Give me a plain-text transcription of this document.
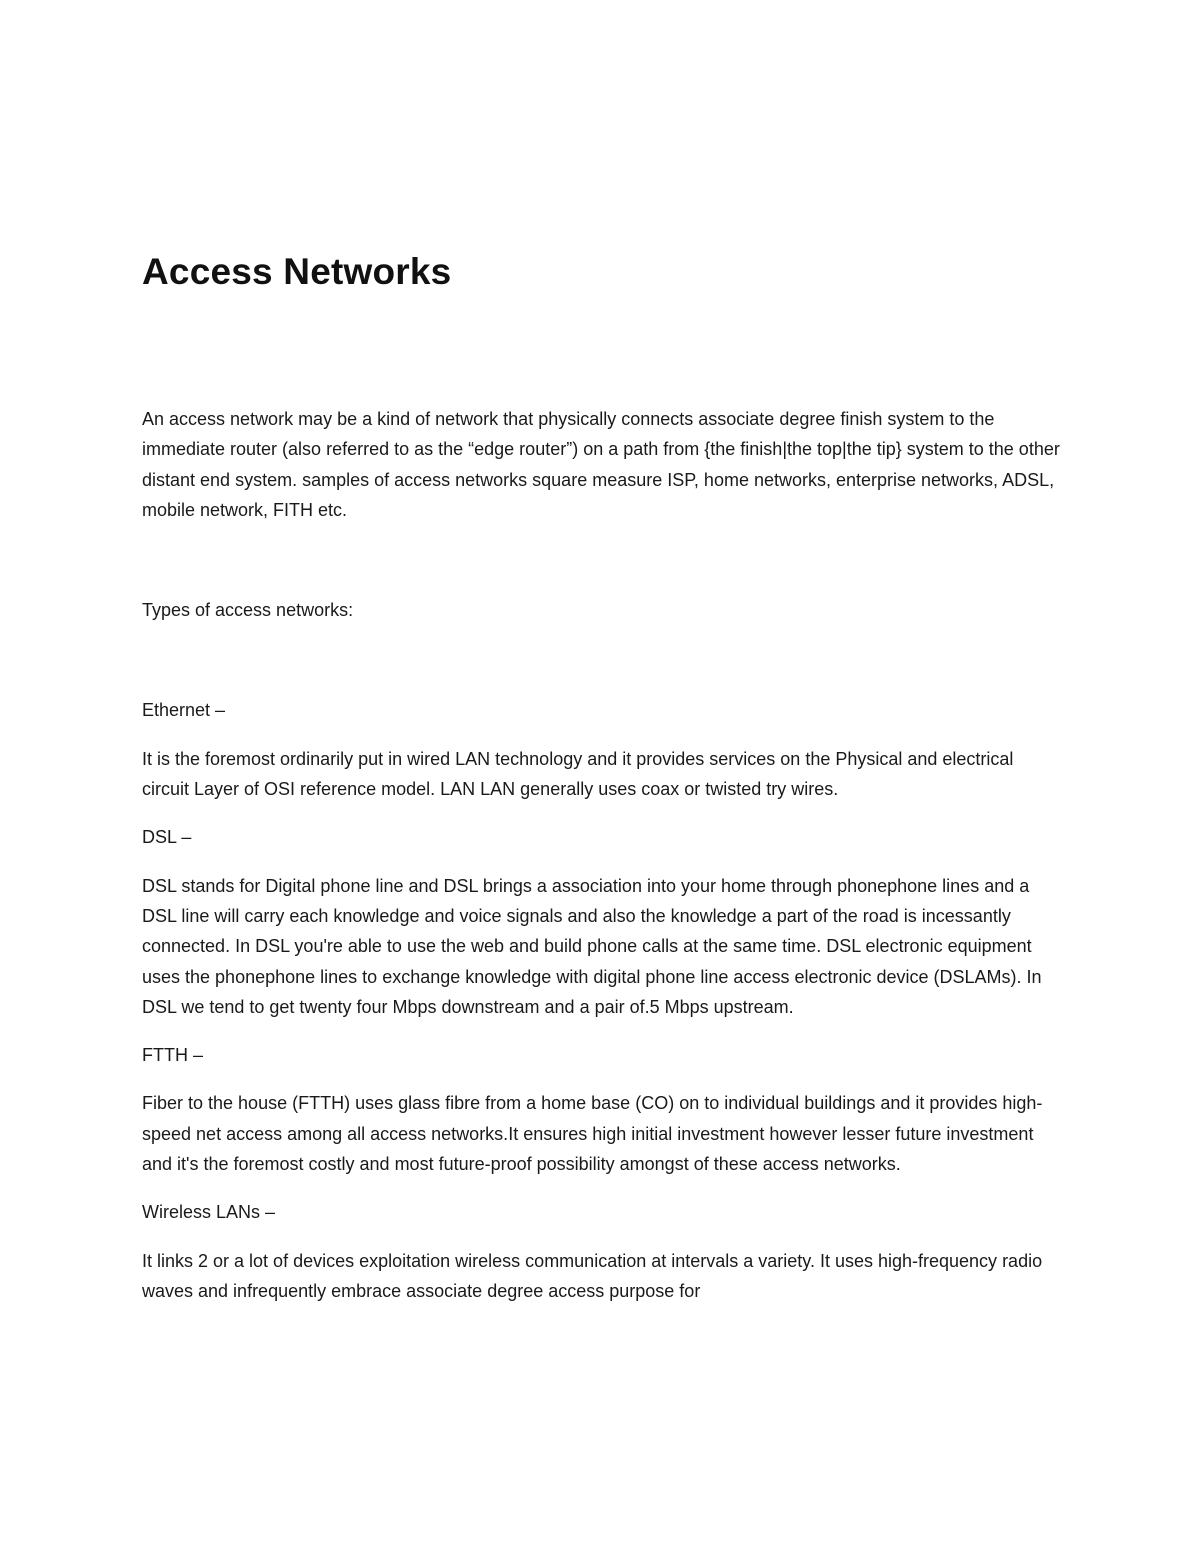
Access Networks

An access network may be a kind of network that physically connects associate degree finish system to the immediate router (also referred to as the “edge router”) on a path from {the finish|the top|the tip} system to the other distant end system. samples of access networks square measure ISP, home networks, enterprise networks, ADSL, mobile network, FITH etc.

Types of access networks:

Ethernet –

It is the foremost ordinarily put in wired LAN technology and it provides services on the Physical and electrical circuit Layer of OSI reference model. LAN LAN generally uses coax or twisted try wires.

DSL –

DSL stands for Digital phone line and DSL brings a association into your home through phonephone lines and a DSL line will carry each knowledge and voice signals and also the knowledge a part of the road is incessantly connected. In DSL you're able to use the web and build phone calls at the same time. DSL electronic equipment uses the phonephone lines to exchange knowledge with digital phone line access electronic device (DSLAMs). In DSL we tend to get twenty four Mbps downstream and a pair of.5 Mbps upstream.

FTTH –

Fiber to the house (FTTH) uses glass fibre from a home base (CO) on to individual buildings and it provides high-speed net access among all access networks.It ensures high initial investment however lesser future investment and it's the foremost costly and most future-proof possibility amongst of these access networks.

Wireless LANs –

It links 2 or a lot of devices exploitation wireless communication at intervals a variety. It uses high-frequency radio waves and infrequently embrace associate degree access purpose for
